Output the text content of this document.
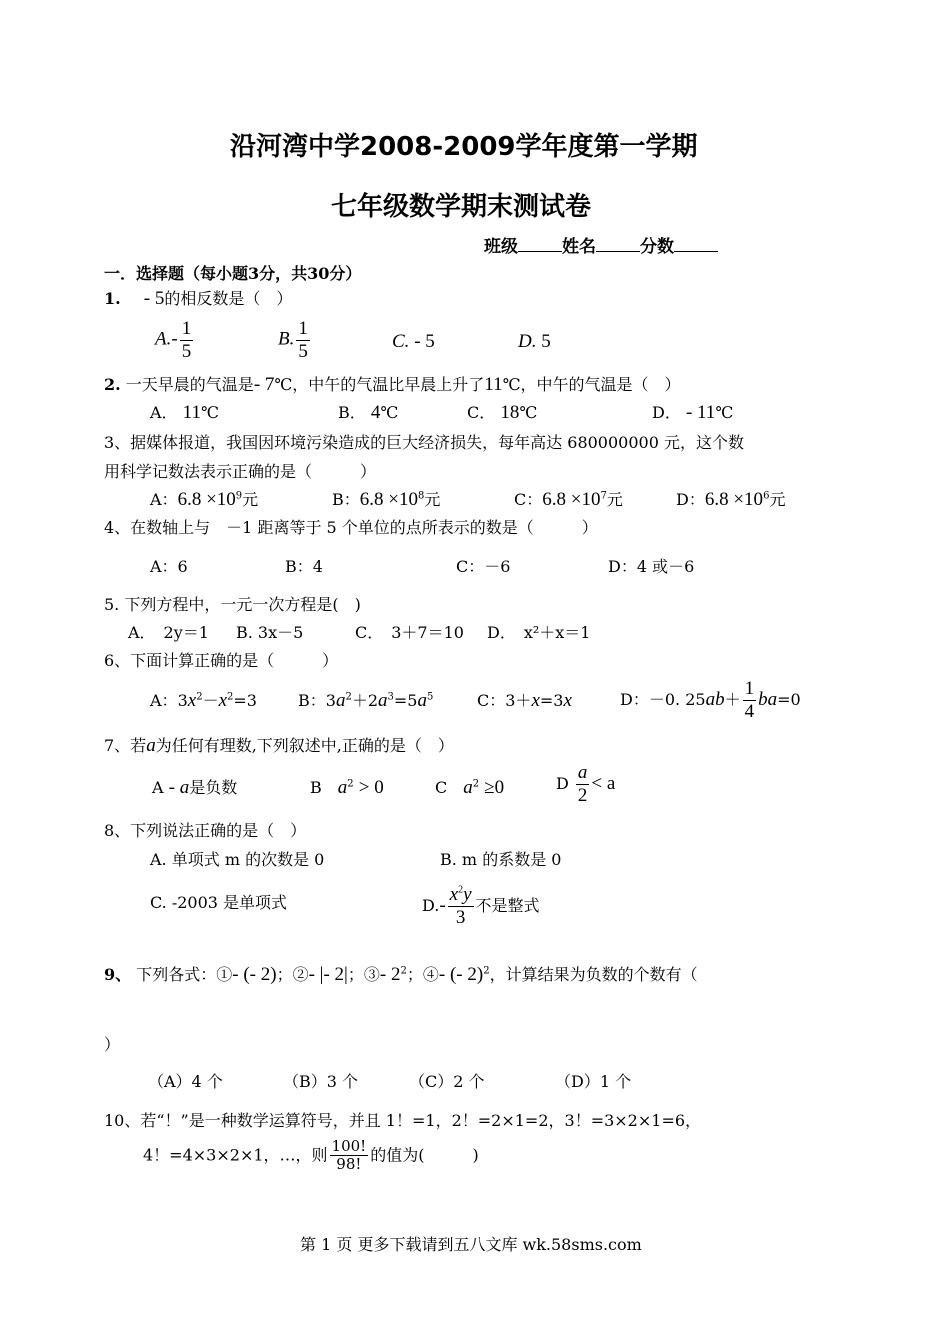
沿河湾中学2008-2009学年度第一学期
七年级数学期末测试卷
班级	姓名	分数
一．选择题（每小题3分，共30分）
1. - 5的相反数是（　）
$A.- \frac{1}{5}$	B. $\frac{1}{5}$	C. - 5	D. 5
2. 一天早晨的气温是- 7℃，中午的气温比早晨上升了11℃，中午的气温是（　）
A． 11℃	B． 4℃	C． 18℃	D． - 11℃
3、据媒体报道，我国因环境污染造成的巨大经济损失，每年高达 680000000 元，这个数
用科学记数法表示正确的是（　　　）
A：$6.8 \times 10^9$元	B：$6.8 \times 10^8$元	C：$6.8 \times 10^7$元	D：$6.8 \times 10^6$元
4、在数轴上与　－1 距离等于 5 个单位的点所表示的数是（　　　）
A：6	B：4	C：－6	D：4 或－6
5. 下列方程中，一元一次方程是(　)
A．　2y＝1 B. 3x－5	C．　3＋7＝10 D．　x²＋x＝1
6、下面计算正确的是（　　　）
A：$3x^2-x^2=3$	B：$3a^2+2a^3=5a^5$	C：3＋x=3x	D：－0. $25ab+ \frac{1}{4} ba=0$
7、若a为任何有理数,下列叙述中,正确的是（　）
A - a是负数	B　 $a^2 > 0$	C　 $a^2 \ge 0$	D $\frac{a}{2} < a$
8、下列说法正确的是（　）
A. 单项式 m 的次数是 0	B. m 的系数是 0
C. -2003 是单项式	$D.- \frac{x^2y}{3}$ 不是整式
9、 下列各式：①- (- 2)；②- |- 2|；③- $2^2$；④- (- 2)$^2$，计算结果为负数的个数有（
）
（A）4 个	（B）3 个	（C）2 个	（D）1 个
10、若“！”是一种数学运算符号，并且 1！=1，2！=2×1=2，3！=3×2×1=6，
4！=4×3×2×1，…，则 $\frac{100!}{98!}$ 的值为(　　　)
第 1 页 更多下载请到五八文库 wk.58sms.com
